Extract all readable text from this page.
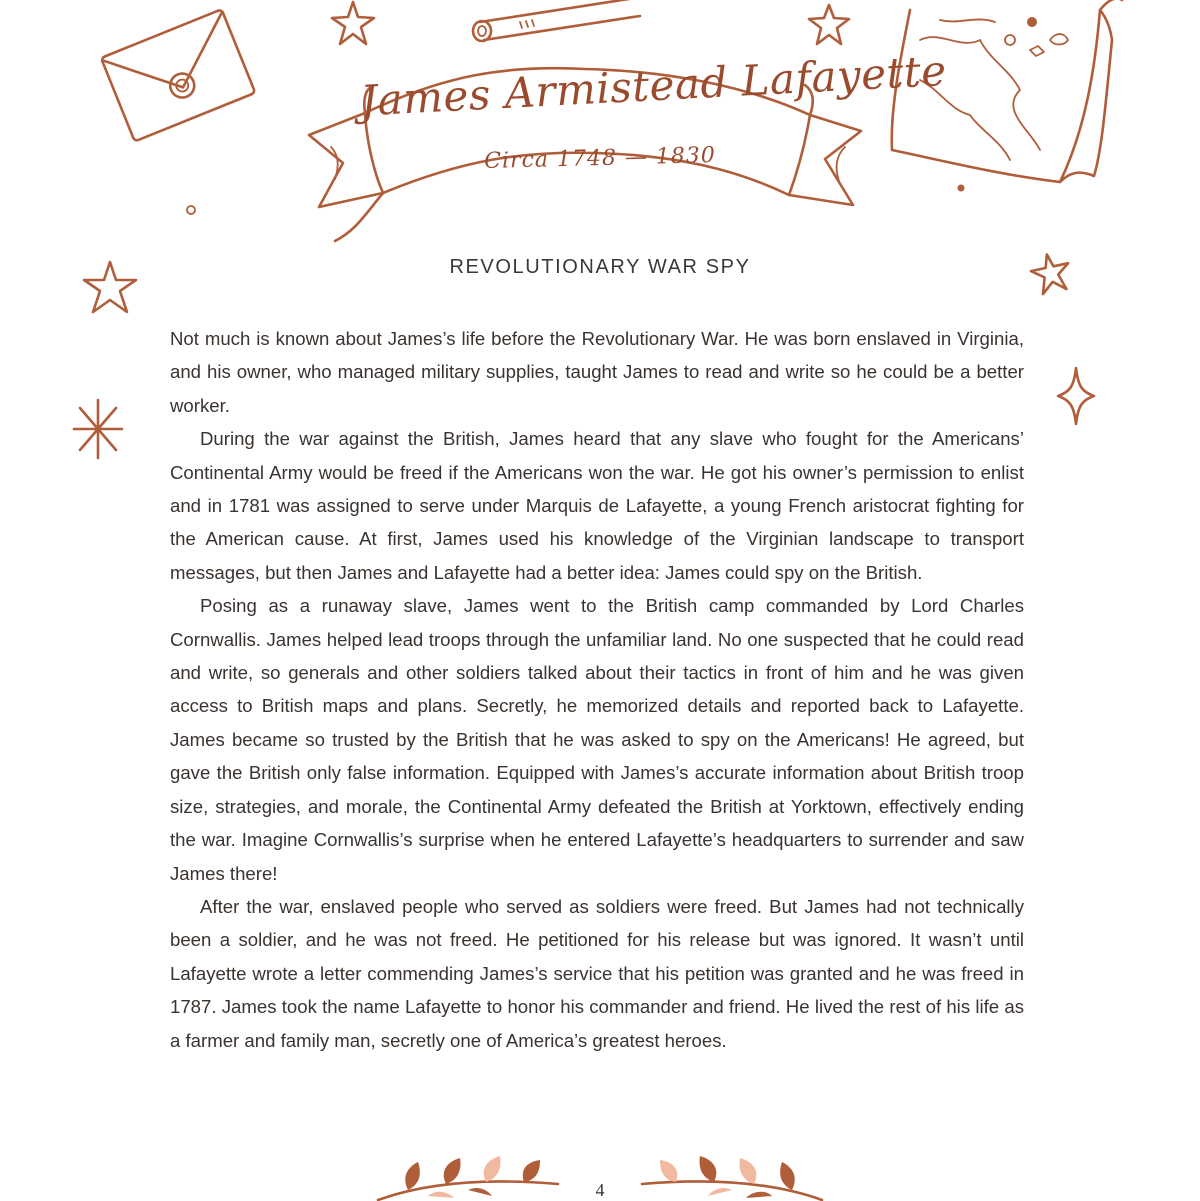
James Armistead Lafayette
Circa 1748 — 1830
REVOLUTIONARY WAR SPY

Not much is known about James’s life before the Revolutionary War. He was born enslaved in Virginia, and his owner, who managed military supplies, taught James to read and write so he could be a better worker.

During the war against the British, James heard that any slave who fought for the Americans’ Continental Army would be freed if the Americans won the war. He got his owner’s permission to enlist and in 1781 was assigned to serve under Marquis de Lafayette, a young French aristocrat fighting for the American cause. At first, James used his knowledge of the Virginian landscape to transport messages, but then James and Lafayette had a better idea: James could spy on the British.

Posing as a runaway slave, James went to the British camp commanded by Lord Charles Cornwallis. James helped lead troops through the unfamiliar land. No one suspected that he could read and write, so generals and other soldiers talked about their tactics in front of him and he was given access to British maps and plans. Secretly, he memorized details and reported back to Lafayette. James became so trusted by the British that he was asked to spy on the Americans! He agreed, but gave the British only false information. Equipped with James’s accurate information about British troop size, strategies, and morale, the Continental Army defeated the British at Yorktown, effectively ending the war. Imagine Cornwallis’s surprise when he entered Lafayette’s headquarters to surrender and saw James there!

After the war, enslaved people who served as soldiers were freed. But James had not technically been a soldier, and he was not freed. He petitioned for his release but was ignored. It wasn’t until Lafayette wrote a letter commending James’s service that his petition was granted and he was freed in 1787. James took the name Lafayette to honor his commander and friend. He lived the rest of his life as a farmer and family man, secretly one of America’s greatest heroes.

4
